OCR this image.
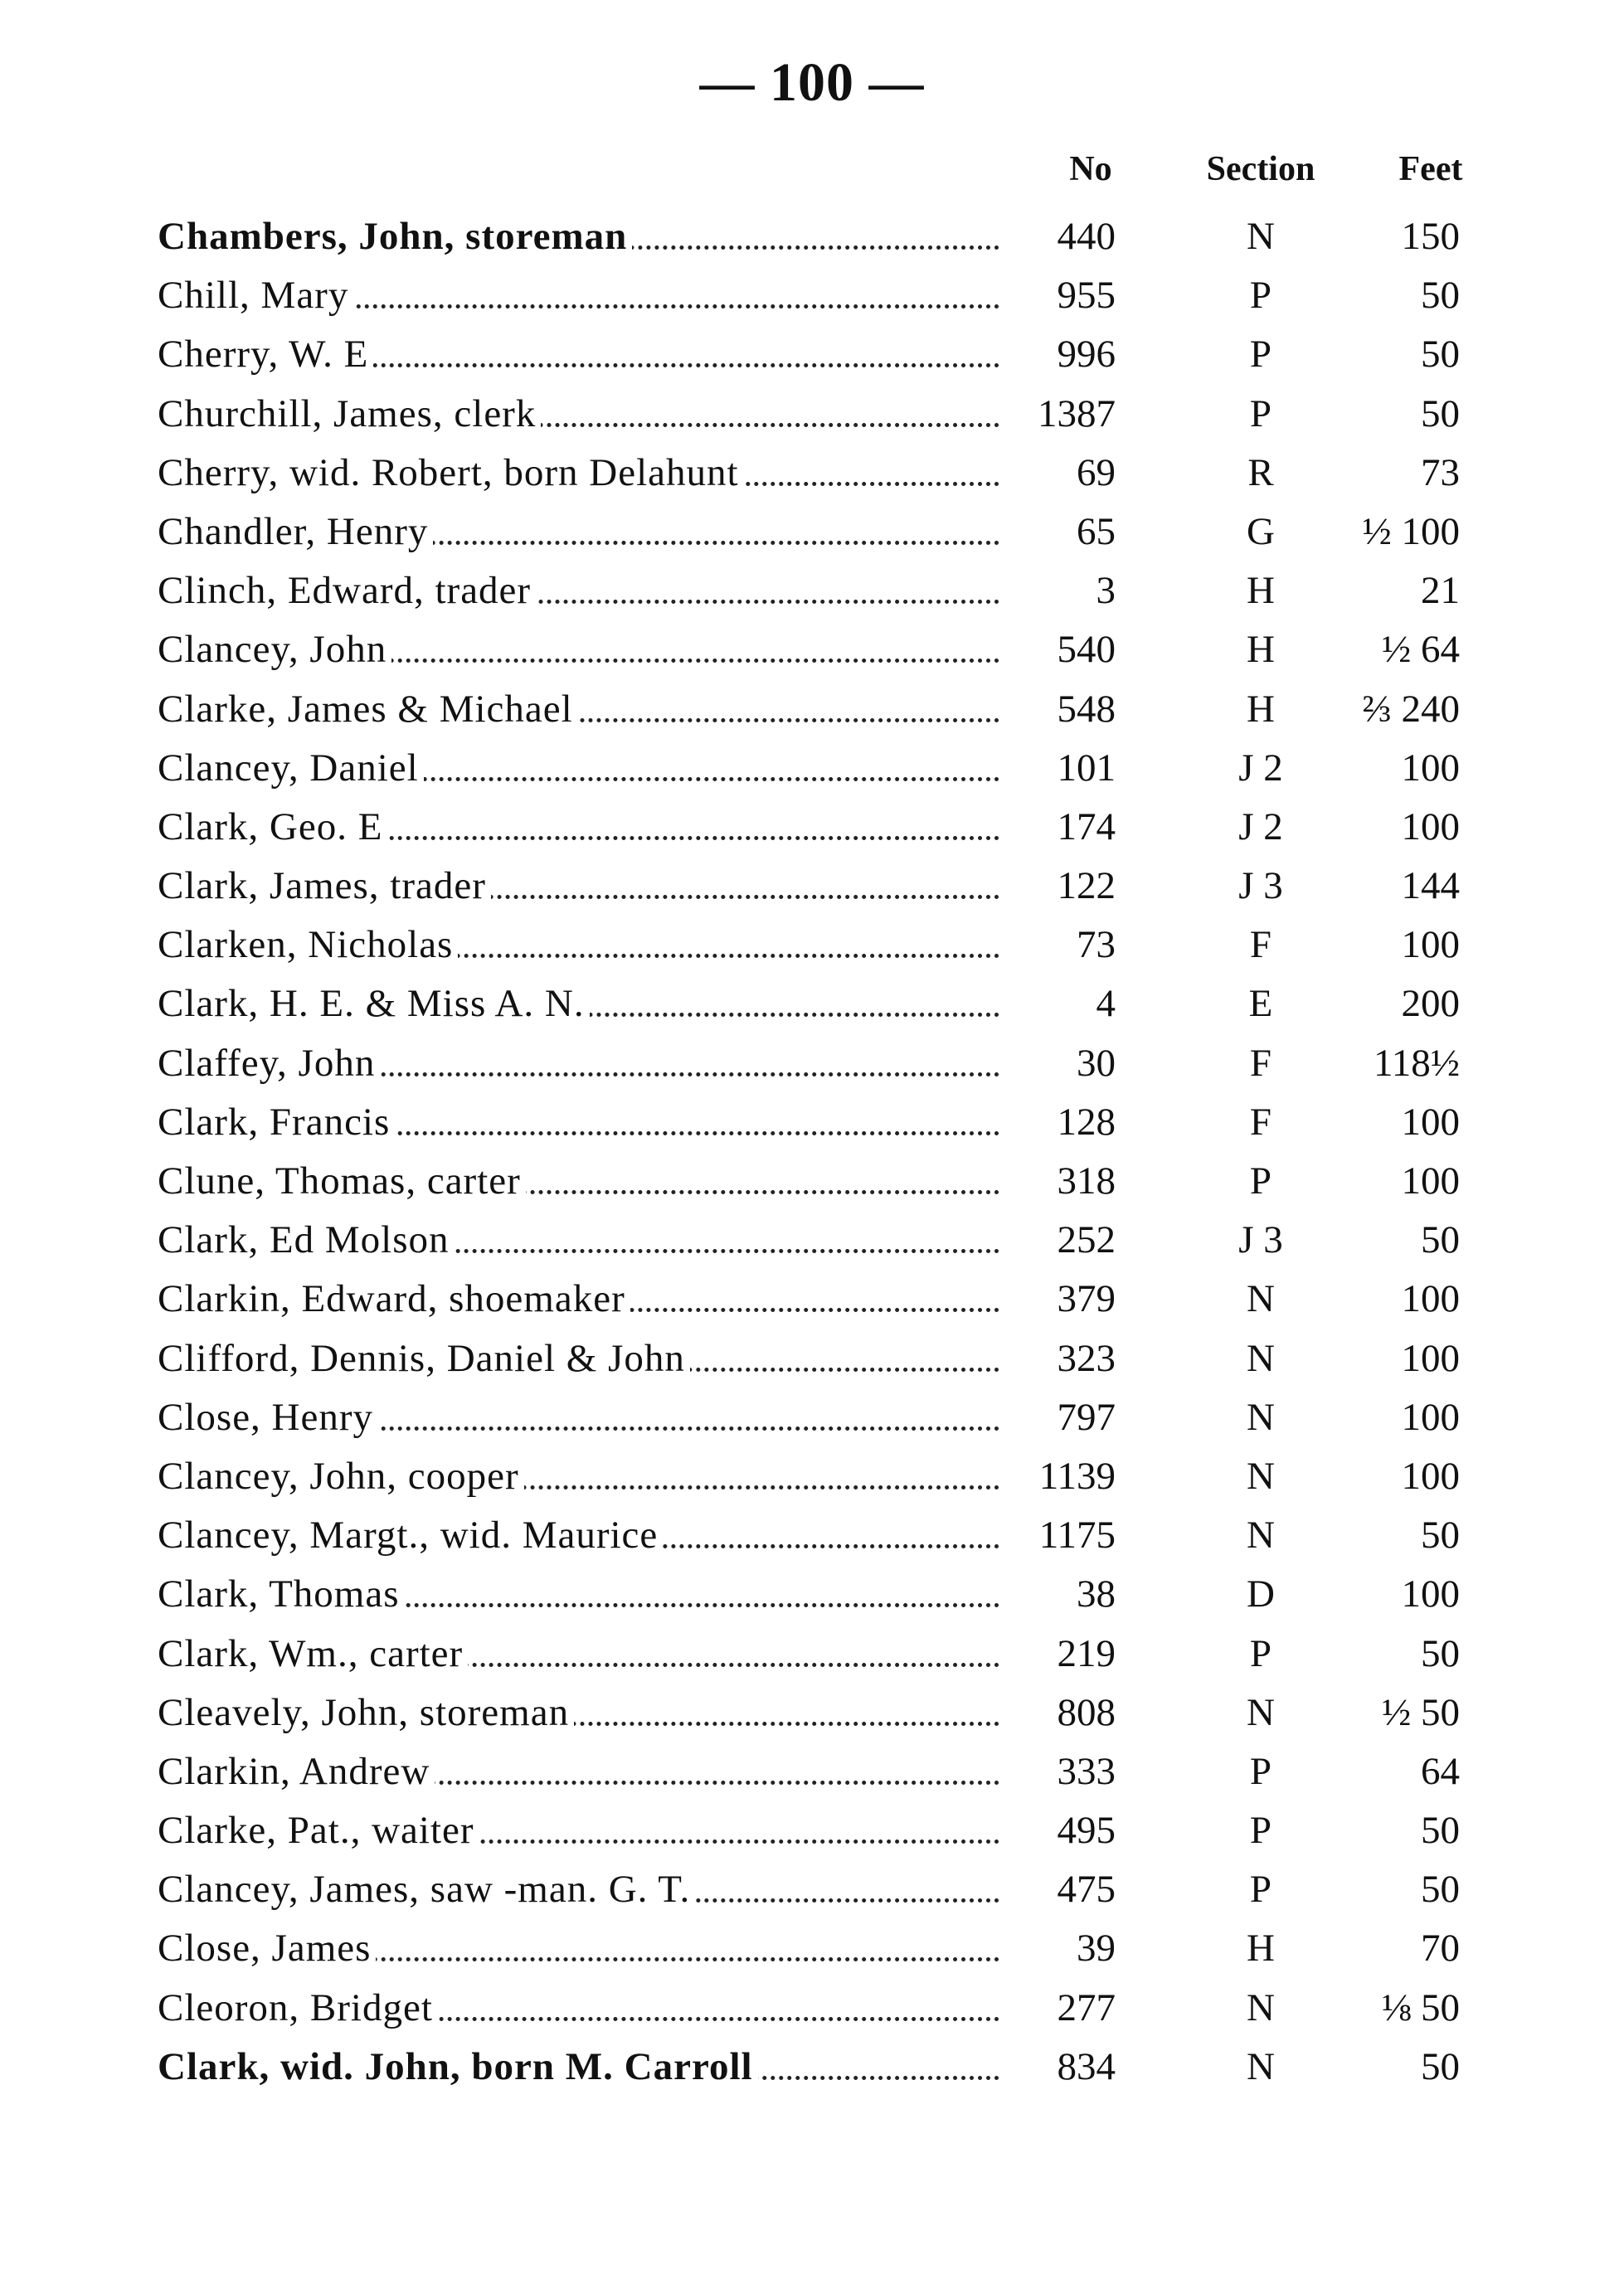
— 100 —
No	Section	Feet
Chambers, John, storeman	440	N	150
Chill, Mary	955	P	50
Cherry, W. E	996	P	50
Churchill, James, clerk	1387	P	50
Cherry, wid. Robert, born Delahunt	69	R	73
Chandler, Henry	65	G	½ 100
Clinch, Edward, trader	3	H	21
Clancey, John	540	H	½ 64
Clarke, James & Michael	548	H	⅔ 240
Clancey, Daniel	101	J 2	100
Clark, Geo. E	174	J 2	100
Clark, James, trader	122	J 3	144
Clarken, Nicholas	73	F	100
Clark, H. E. & Miss A. N.	4	E	200
Claffey, John	30	F	118½
Clark, Francis	128	F	100
Clune, Thomas, carter	318	P	100
Clark, Ed Molson	252	J 3	50
Clarkin, Edward, shoemaker	379	N	100
Clifford, Dennis, Daniel & John	323	N	100
Close, Henry	797	N	100
Clancey, John, cooper	1139	N	100
Clancey, Margt., wid. Maurice	1175	N	50
Clark, Thomas	38	D	100
Clark, Wm., carter	219	P	50
Cleavely, John, storeman	808	N	½ 50
Clarkin, Andrew	333	P	64
Clarke, Pat., waiter	495	P	50
Clancey, James, saw -man. G. T.	475	P	50
Close, James	39	H	70
Cleoron, Bridget	277	N	⅛ 50
Clark, wid. John, born M. Carroll	834	N	50
